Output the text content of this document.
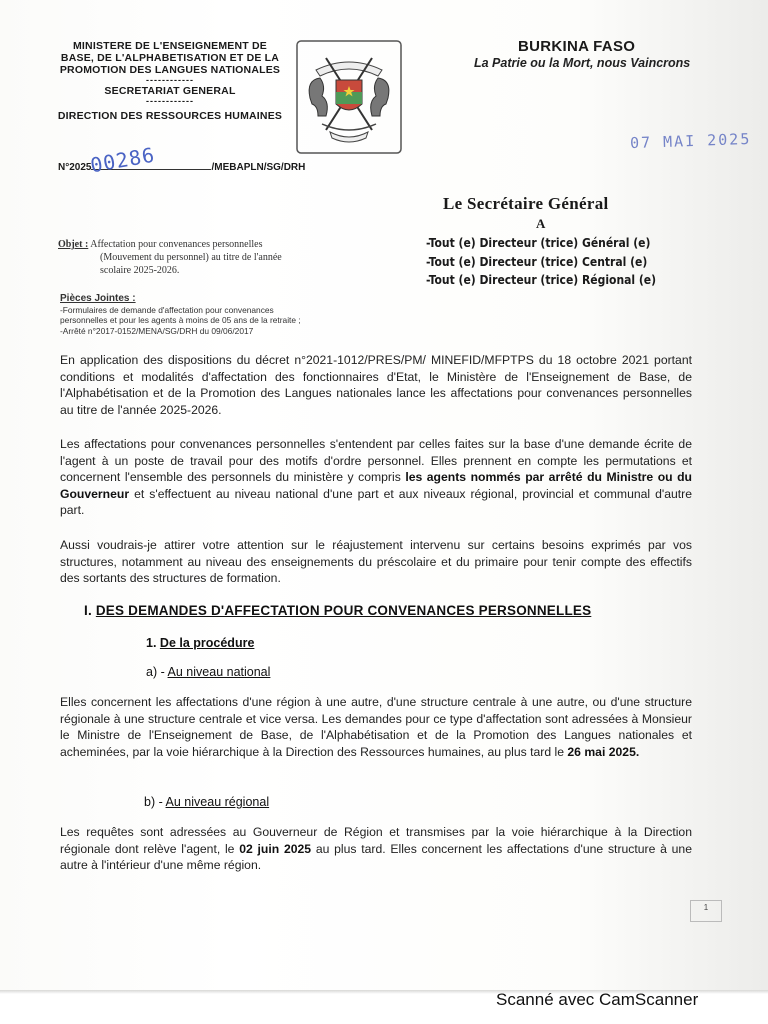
MINISTERE DE L'ENSEIGNEMENT DE
BASE, DE L'ALPHABETISATION ET DE LA
PROMOTION DES LANGUES NATIONALES
------------
SECRETARIAT GENERAL
------------
DIRECTION DES RESSOURCES HUMAINES
N°2025	/MEBAPLN/SG/DRH
00286
BURKINA FASO
La Patrie ou la Mort, nous Vaincrons
07 MAI 2025
Le Secrétaire Général
A
-Tout (e) Directeur (trice) Général (e)
-Tout (e) Directeur (trice) Central (e)
-Tout (e) Directeur (trice) Régional (e)
Objet : Affectation pour convenances personnelles
(Mouvement du personnel) au titre de l'année
scolaire 2025-2026.
Pièces Jointes :
-Formulaires de demande d'affectation pour convenances
personnelles et pour les agents à moins de 05 ans de la retraite ;
-Arrêté n°2017-0152/MENA/SG/DRH du 09/06/2017
En application des dispositions du décret n°2021-1012/PRES/PM/ MINEFID/MFPTPS du 18 octobre 2021 portant conditions et modalités d'affectation des fonctionnaires d'Etat, le Ministère de l'Enseignement de Base, de l'Alphabétisation et de la Promotion des Langues nationales lance les affectations pour convenances personnelles au titre de l'année 2025-2026.
Les affectations pour convenances personnelles s'entendent par celles faites sur la base d'une demande écrite de l'agent à un poste de travail pour des motifs d'ordre personnel. Elles prennent en compte les permutations et concernent l'ensemble des personnels du ministère y compris les agents nommés par arrêté du Ministre ou du Gouverneur et s'effectuent au niveau national d'une part et aux niveaux régional, provincial et communal d'autre part.
Aussi voudrais-je attirer votre attention sur le réajustement intervenu sur certains besoins exprimés par vos structures, notamment au niveau des enseignements du préscolaire et du primaire pour tenir compte des effectifs des sortants des structures de formation.
I. DES DEMANDES D'AFFECTATION POUR CONVENANCES PERSONNELLES
1. De la procédure
a) - Au niveau national
Elles concernent les affectations d'une région à une autre, d'une structure centrale à une autre, ou d'une structure régionale à une structure centrale et vice versa. Les demandes pour ce type d'affectation sont adressées à Monsieur le Ministre de l'Enseignement de Base, de l'Alphabétisation et de la Promotion des Langues nationales et acheminées, par la voie hiérarchique à la Direction des Ressources humaines, au plus tard le 26 mai 2025.
b) - Au niveau régional
Les requêtes sont adressées au Gouverneur de Région et transmises par la voie hiérarchique à la Direction régionale dont relève l'agent, le 02 juin 2025 au plus tard. Elles concernent les affectations d'une structure à une autre à l'intérieur d'une même région.
1
Scanné avec CamScanner
